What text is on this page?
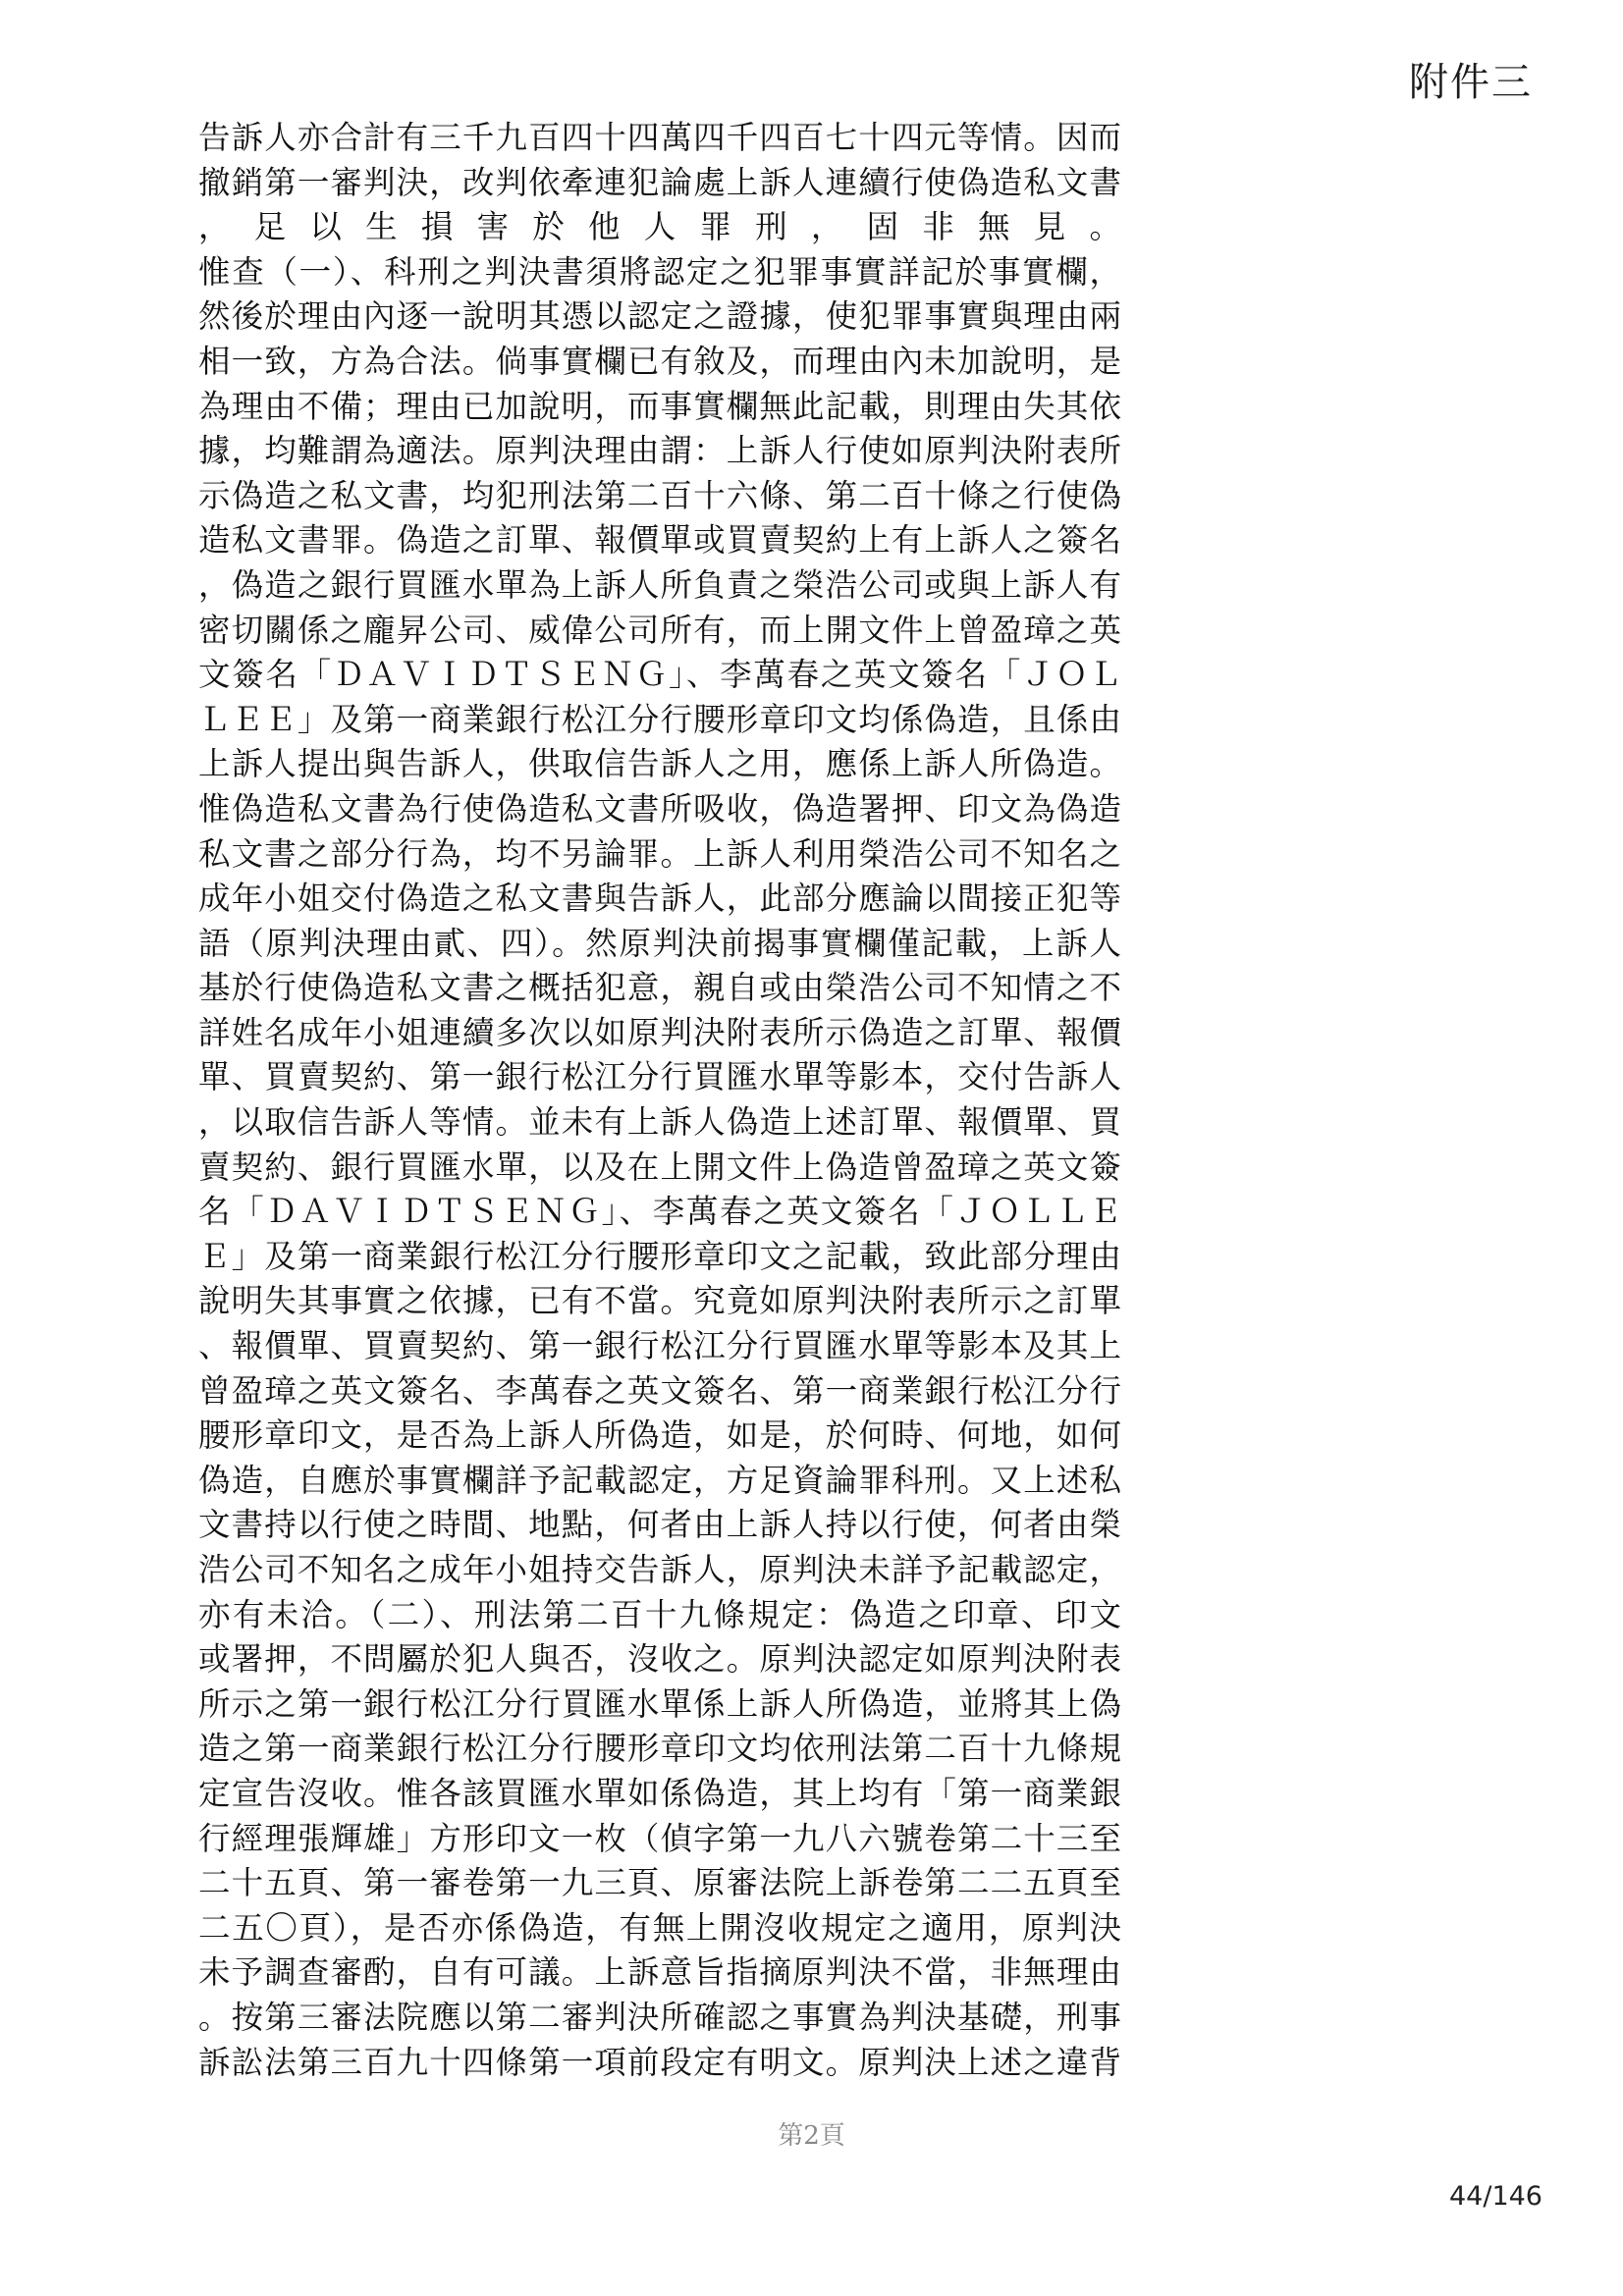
附件三
告訴人亦合計有三千九百四十四萬四千四百七十四元等情。因而
撤銷第一審判決，改判依牽連犯論處上訴人連續行使偽造私文書
，足以生損害於他人罪刑，固非無見。
惟查（一）、科刑之判決書須將認定之犯罪事實詳記於事實欄，
然後於理由內逐一說明其憑以認定之證據，使犯罪事實與理由兩
相一致，方為合法。倘事實欄已有敘及，而理由內未加說明，是
為理由不備；理由已加說明，而事實欄無此記載，則理由失其依
據，均難謂為適法。原判決理由謂：上訴人行使如原判決附表所
示偽造之私文書，均犯刑法第二百十六條、第二百十條之行使偽
造私文書罪。偽造之訂單、報價單或買賣契約上有上訴人之簽名
，偽造之銀行買匯水單為上訴人所負責之榮浩公司或與上訴人有
密切關係之龐昇公司、威偉公司所有，而上開文件上曾盈璋之英
文簽名「ＤＡＶＩＤＴＳＥＮＧ」、李萬春之英文簽名「ＪＯＬ
ＬＥＥ」及第一商業銀行松江分行腰形章印文均係偽造，且係由
上訴人提出與告訴人，供取信告訴人之用，應係上訴人所偽造。
惟偽造私文書為行使偽造私文書所吸收，偽造署押、印文為偽造
私文書之部分行為，均不另論罪。上訴人利用榮浩公司不知名之
成年小姐交付偽造之私文書與告訴人，此部分應論以間接正犯等
語（原判決理由貳、四）。然原判決前揭事實欄僅記載，上訴人
基於行使偽造私文書之概括犯意，親自或由榮浩公司不知情之不
詳姓名成年小姐連續多次以如原判決附表所示偽造之訂單、報價
單、買賣契約、第一銀行松江分行買匯水單等影本，交付告訴人
，以取信告訴人等情。並未有上訴人偽造上述訂單、報價單、買
賣契約、銀行買匯水單，以及在上開文件上偽造曾盈璋之英文簽
名「ＤＡＶＩＤＴＳＥＮＧ」、李萬春之英文簽名「ＪＯＬＬＥ
Ｅ」及第一商業銀行松江分行腰形章印文之記載，致此部分理由
說明失其事實之依據，已有不當。究竟如原判決附表所示之訂單
、報價單、買賣契約、第一銀行松江分行買匯水單等影本及其上
曾盈璋之英文簽名、李萬春之英文簽名、第一商業銀行松江分行
腰形章印文，是否為上訴人所偽造，如是，於何時、何地，如何
偽造，自應於事實欄詳予記載認定，方足資論罪科刑。又上述私
文書持以行使之時間、地點，何者由上訴人持以行使，何者由榮
浩公司不知名之成年小姐持交告訴人，原判決未詳予記載認定，
亦有未洽。（二）、刑法第二百十九條規定：偽造之印章、印文
或署押，不問屬於犯人與否，沒收之。原判決認定如原判決附表
所示之第一銀行松江分行買匯水單係上訴人所偽造，並將其上偽
造之第一商業銀行松江分行腰形章印文均依刑法第二百十九條規
定宣告沒收。惟各該買匯水單如係偽造，其上均有「第一商業銀
行經理張輝雄」方形印文一枚（偵字第一九八六號卷第二十三至
二十五頁、第一審卷第一九三頁、原審法院上訴卷第二二五頁至
二五〇頁），是否亦係偽造，有無上開沒收規定之適用，原判決
未予調查審酌，自有可議。上訴意旨指摘原判決不當，非無理由
。按第三審法院應以第二審判決所確認之事實為判決基礎，刑事
訴訟法第三百九十四條第一項前段定有明文。原判決上述之違背
第2頁
44/146
